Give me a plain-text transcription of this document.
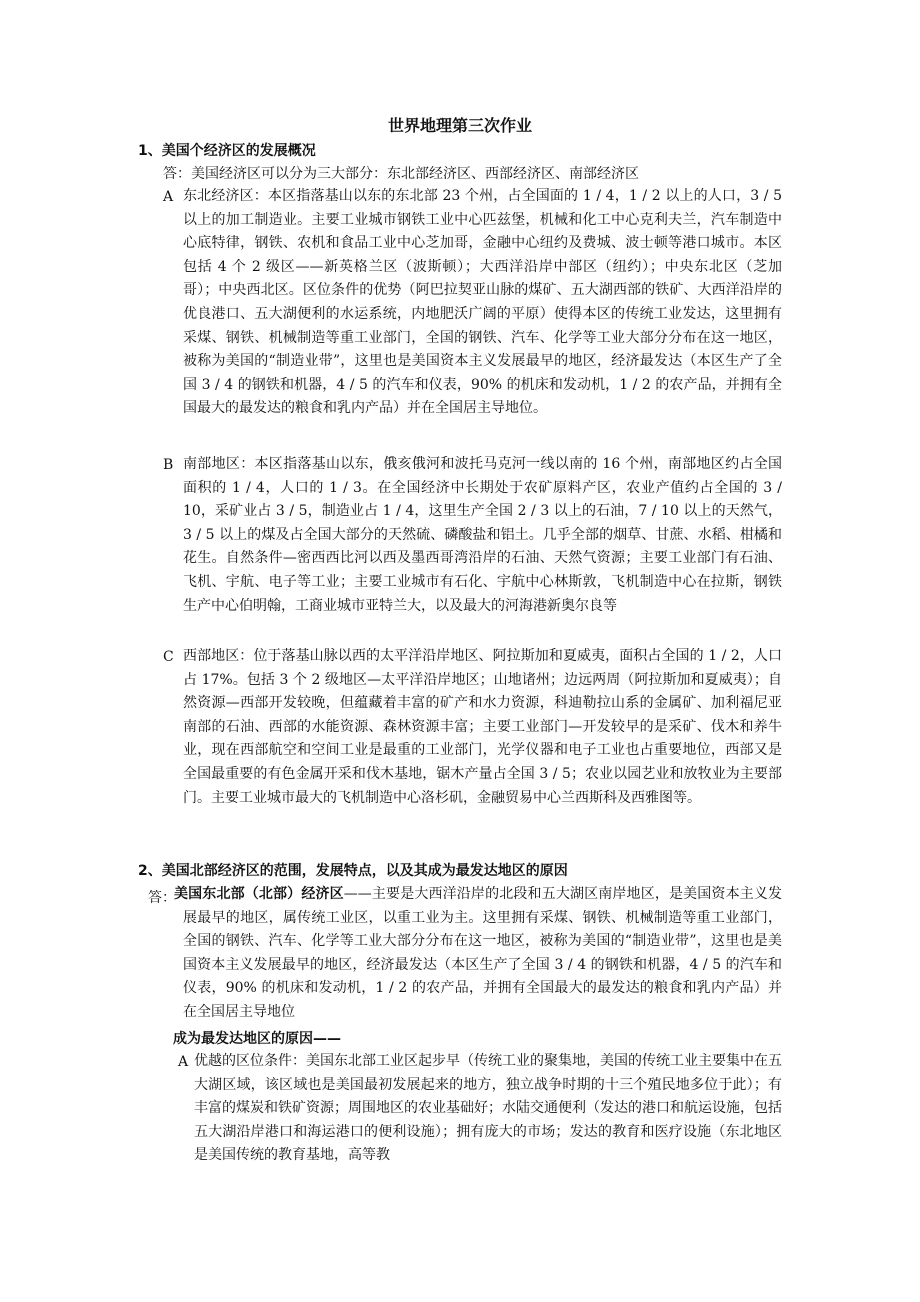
世界地理第三次作业
1、美国个经济区的发展概况
答：美国经济区可以分为三大部分：东北部经济区、西部经济区、南部经济区
A 东北经济区：本区指落基山以东的东北部 23 个州，占全国面的 1 / 4，1 / 2 以上的人口，3 / 5 以上的加工制造业。主要工业城市钢铁工业中心匹兹堡，机械和化工中心克利夫兰，汽车制造中心底特律，钢铁、农机和食品工业中心芝加哥，金融中心纽约及费城、波士顿等港口城市。本区包括 4 个 2 级区——新英格兰区（波斯顿）；大西洋沿岸中部区（纽约）；中央东北区（芝加哥）；中央西北区。区位条件的优势（阿巴拉契亚山脉的煤矿、五大湖西部的铁矿、大西洋沿岸的优良港口、五大湖便利的水运系统，内地肥沃广阔的平原）使得本区的传统工业发达，这里拥有采煤、钢铁、机械制造等重工业部门，全国的钢铁、汽车、化学等工业大部分分布在这一地区，被称为美国的“制造业带”，这里也是美国资本主义发展最早的地区，经济最发达（本区生产了全国 3 / 4 的钢铁和机器，4 / 5 的汽车和仪表，90% 的机床和发动机，1 / 2 的农产品，并拥有全国最大的最发达的粮食和乳内产品）并在全国居主导地位。
B 南部地区：本区指落基山以东，俄亥俄河和波托马克河一线以南的 16 个州，南部地区约占全国面积的 1 / 4，人口的 1 / 3。在全国经济中长期处于农矿原料产区，农业产值约占全国的 3 / 10，采矿业占 3 / 5，制造业占 1 / 4，这里生产全国 2 / 3 以上的石油，7 / 10 以上的天然气，3 / 5 以上的煤及占全国大部分的天然硫、磷酸盐和铝土。几乎全部的烟草、甘蔗、水稻、柑橘和花生。自然条件—密西西比河以西及墨西哥湾沿岸的石油、天然气资源；主要工业部门有石油、飞机、宇航、电子等工业；主要工业城市有石化、宇航中心林斯敦，飞机制造中心在拉斯，钢铁生产中心伯明翰，工商业城市亚特兰大，以及最大的河海港新奥尔良等
C 西部地区：位于落基山脉以西的太平洋沿岸地区、阿拉斯加和夏威夷，面积占全国的 1 / 2，人口占 17%。包括 3 个 2 级地区—太平洋沿岸地区；山地诸州；边远两周（阿拉斯加和夏威夷）；自然资源—西部开发较晚，但蕴藏着丰富的矿产和水力资源，科迪勒拉山系的金属矿、加利福尼亚南部的石油、西部的水能资源、森林资源丰富；主要工业部门—开发较早的是采矿、伐木和养牛业，现在西部航空和空间工业是最重的工业部门，光学仪器和电子工业也占重要地位，西部又是全国最重要的有色金属开采和伐木基地，锯木产量占全国 3 / 5；农业以园艺业和放牧业为主要部门。主要工业城市最大的飞机制造中心洛杉矶，金融贸易中心兰西斯科及西雅图等。
2、美国北部经济区的范围，发展特点，以及其成为最发达地区的原因
答：
美国东北部（北部）经济区——主要是大西洋沿岸的北段和五大湖区南岸地区，是美国资本主义发展最早的地区，属传统工业区，以重工业为主。这里拥有采煤、钢铁、机械制造等重工业部门，全国的钢铁、汽车、化学等工业大部分分布在这一地区，被称为美国的“制造业带”，这里也是美国资本主义发展最早的地区，经济最发达（本区生产了全国 3 / 4 的钢铁和机器，4 / 5 的汽车和仪表，90% 的机床和发动机，1 / 2 的农产品，并拥有全国最大的最发达的粮食和乳内产品）并在全国居主导地位
成为最发达地区的原因——
A 优越的区位条件：美国东北部工业区起步早（传统工业的聚集地，美国的传统工业主要集中在五大湖区域，该区域也是美国最初发展起来的地方，独立战争时期的十三个殖民地多位于此）；有丰富的煤炭和铁矿资源；周围地区的农业基础好；水陆交通便利（发达的港口和航运设施，包括五大湖沿岸港口和海运港口的便利设施）；拥有庞大的市场；发达的教育和医疗设施（东北地区是美国传统的教育基地，高等教
